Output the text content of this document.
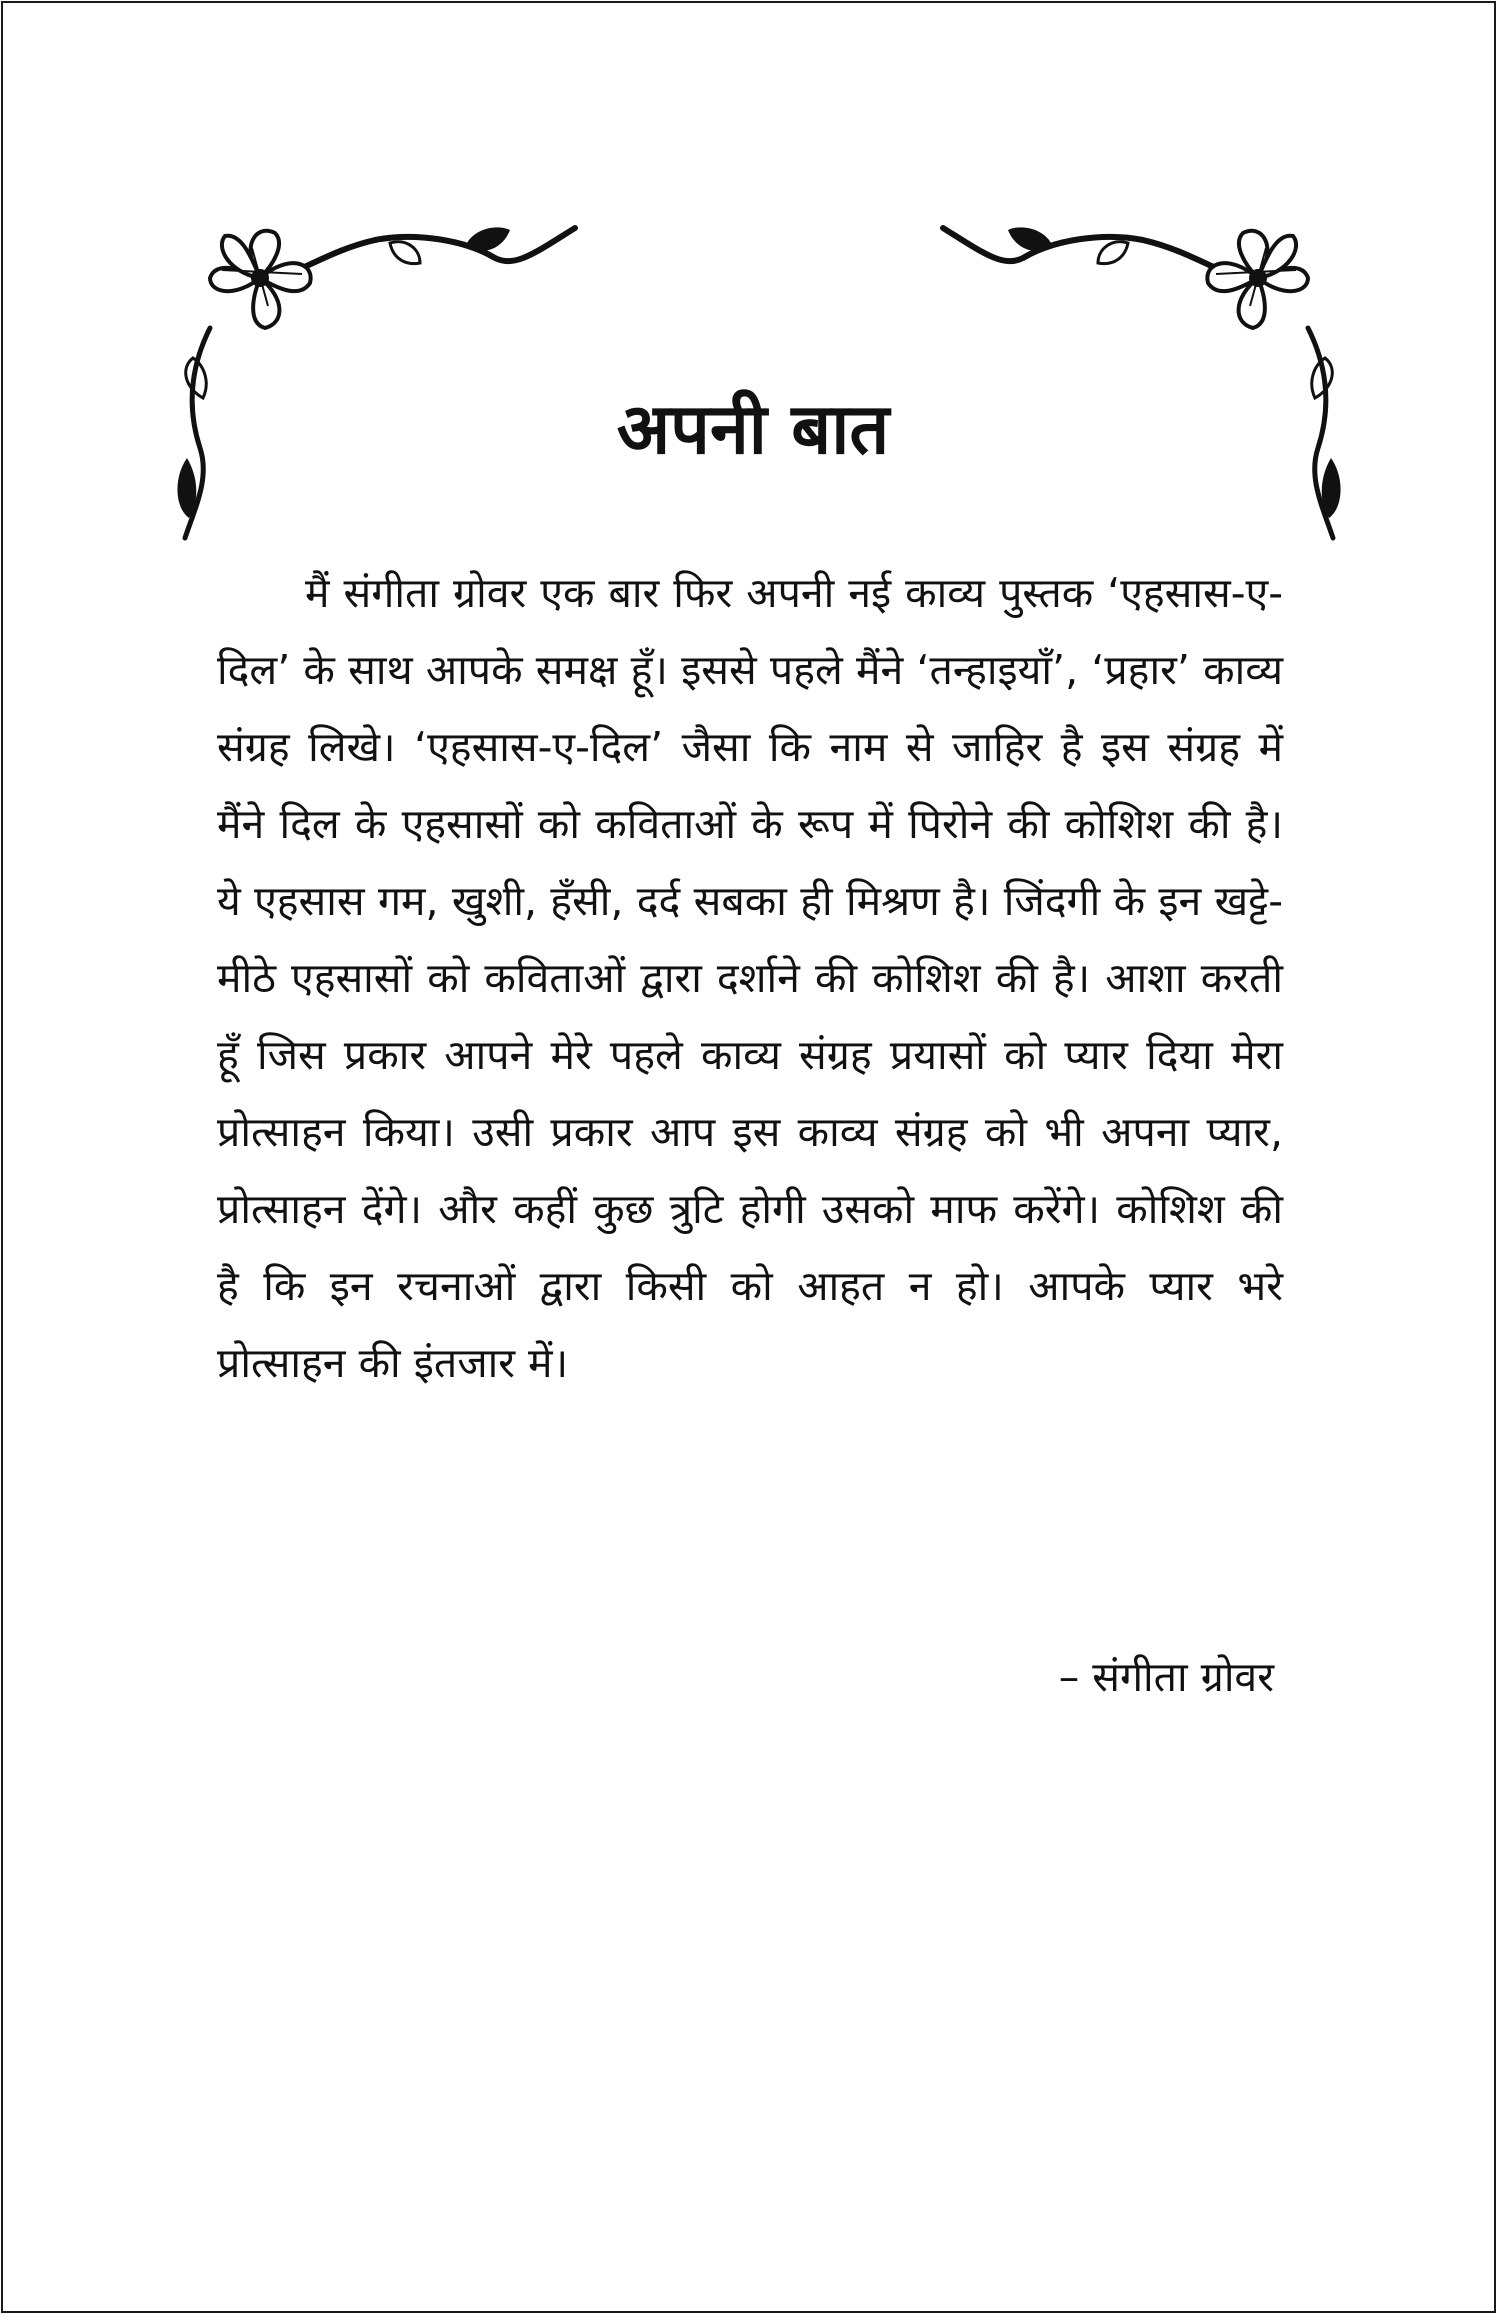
अपनी बात

मैं संगीता ग्रोवर एक बार फिर अपनी नई काव्य पुस्तक ‘एहसास-ए-दिल’ के साथ आपके समक्ष हूँ। इससे पहले मैंने ‘तन्हाइयाँ’, ‘प्रहार’ काव्य संग्रह लिखे। ‘एहसास-ए-दिल’ जैसा कि नाम से जाहिर है इस संग्रह में मैंने दिल के एहसासों को कविताओं के रूप में पिरोने की कोशिश की है। ये एहसास गम, खुशी, हँसी, दर्द सबका ही मिश्रण है। जिंदगी के इन खट्टे-मीठे एहसासों को कविताओं द्वारा दर्शाने की कोशिश की है। आशा करती हूँ जिस प्रकार आपने मेरे पहले काव्य संग्रह प्रयासों को प्यार दिया मेरा प्रोत्साहन किया। उसी प्रकार आप इस काव्य संग्रह को भी अपना प्यार, प्रोत्साहन देंगे। और कहीं कुछ त्रुटि होगी उसको माफ करेंगे। कोशिश की है कि इन रचनाओं द्वारा किसी को आहत न हो। आपके प्यार भरे प्रोत्साहन की इंतजार में।

– संगीता ग्रोवर
